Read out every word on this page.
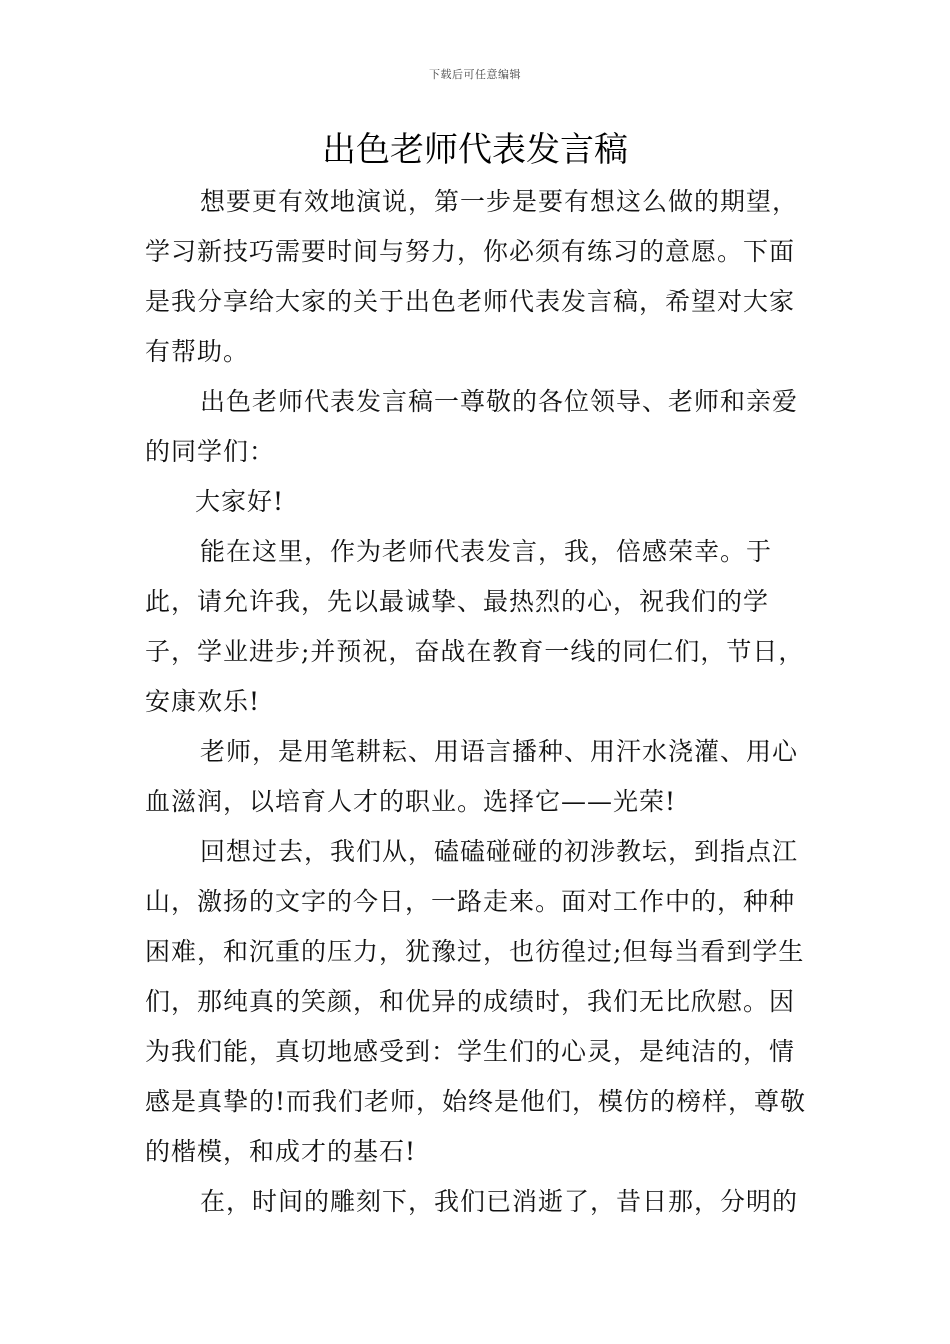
下载后可任意编辑
出色老师代表发言稿

想要更有效地演说，第一步是要有想这么做的期望，学习新技巧需要时间与努力，你必须有练习的意愿。下面是我分享给大家的关于出色老师代表发言稿，希望对大家有帮助。

出色老师代表发言稿一尊敬的各位领导、老师和亲爱的同学们：

大家好!

能在这里，作为老师代表发言，我，倍感荣幸。于此，请允许我，先以最诚挚、最热烈的心，祝我们的学子，学业进步;并预祝，奋战在教育一线的同仁们，节日，安康欢乐!

老师，是用笔耕耘、用语言播种、用汗水浇灌、用心血滋润，以培育人才的职业。选择它——光荣!

回想过去，我们从，磕磕碰碰的初涉教坛，到指点江山，激扬的文字的今日，一路走来。面对工作中的，种种困难，和沉重的压力，犹豫过，也彷徨过;但每当看到学生们，那纯真的笑颜，和优异的成绩时，我们无比欣慰。因为我们能，真切地感受到：学生们的心灵，是纯洁的，情感是真挚的!而我们老师，始终是他们，模仿的榜样，尊敬的楷模，和成才的基石!

在，时间的雕刻下，我们已消逝了，昔日那，分明的
